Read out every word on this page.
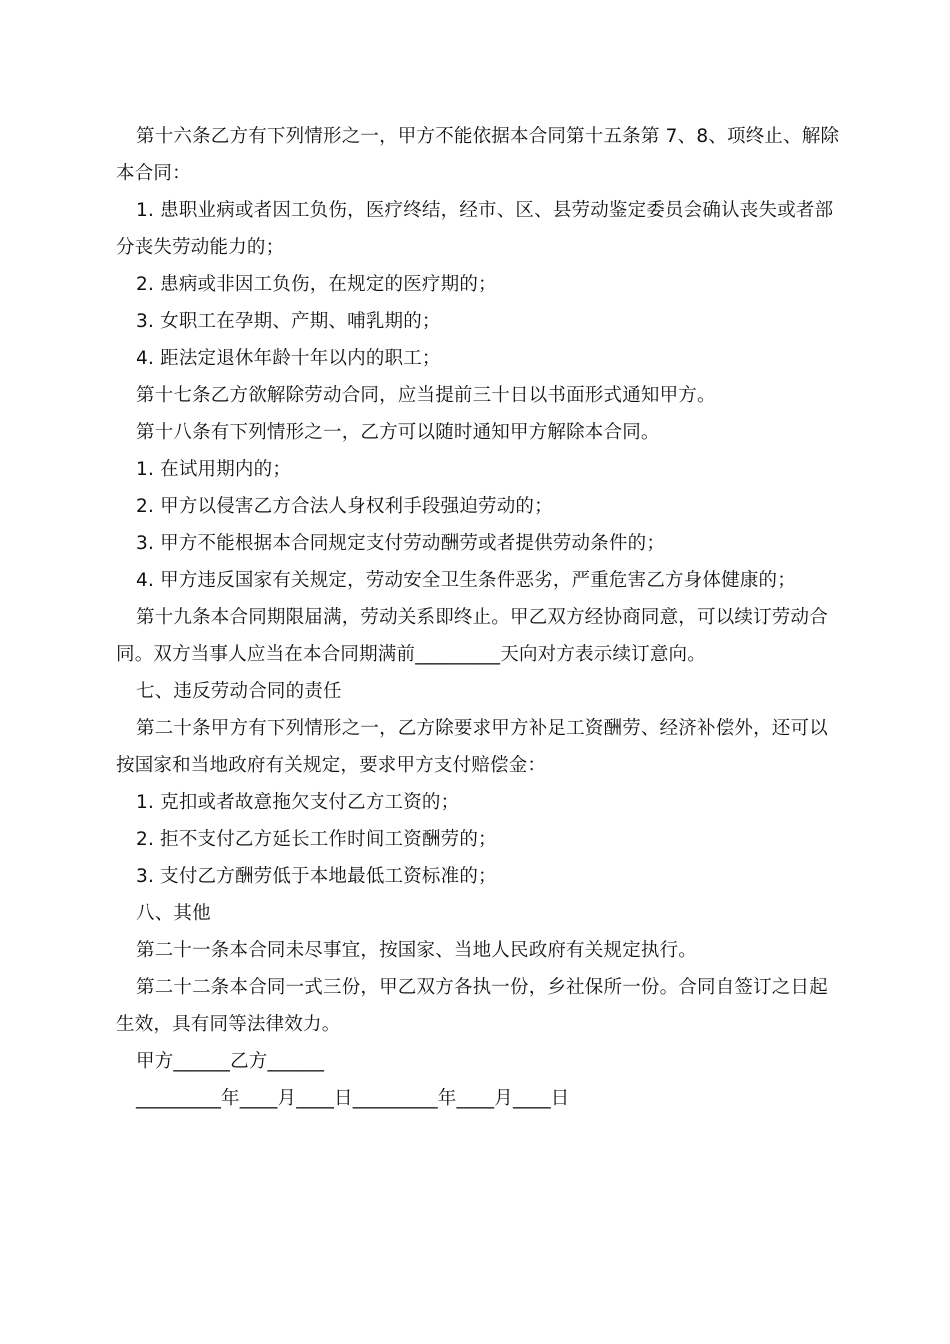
第十六条乙方有下列情形之一，甲方不能依据本合同第十五条第 7、8、项终止、解除本合同：

1. 患职业病或者因工负伤，医疗终结，经市、区、县劳动鉴定委员会确认丧失或者部分丧失劳动能力的；

2. 患病或非因工负伤，在规定的医疗期的；

3. 女职工在孕期、产期、哺乳期的；

4. 距法定退休年龄十年以内的职工；

第十七条乙方欲解除劳动合同，应当提前三十日以书面形式通知甲方。

第十八条有下列情形之一，乙方可以随时通知甲方解除本合同。

1. 在试用期内的；

2. 甲方以侵害乙方合法人身权利手段强迫劳动的；

3. 甲方不能根据本合同规定支付劳动酬劳或者提供劳动条件的；

4. 甲方违反国家有关规定，劳动安全卫生条件恶劣，严重危害乙方身体健康的；

第十九条本合同期限届满，劳动关系即终止。甲乙双方经协商同意，可以续订劳动合同。双方当事人应当在本合同期满前_________天向对方表示续订意向。

七、违反劳动合同的责任

第二十条甲方有下列情形之一，乙方除要求甲方补足工资酬劳、经济补偿外，还可以按国家和当地政府有关规定，要求甲方支付赔偿金：

1. 克扣或者故意拖欠支付乙方工资的；

2. 拒不支付乙方延长工作时间工资酬劳的；

3. 支付乙方酬劳低于本地最低工资标准的；

八、其他

第二十一条本合同未尽事宜，按国家、当地人民政府有关规定执行。

第二十二条本合同一式三份，甲乙双方各执一份，乡社保所一份。合同自签订之日起生效，具有同等法律效力。

甲方______乙方______

_________年____月____日_________年____月____日
